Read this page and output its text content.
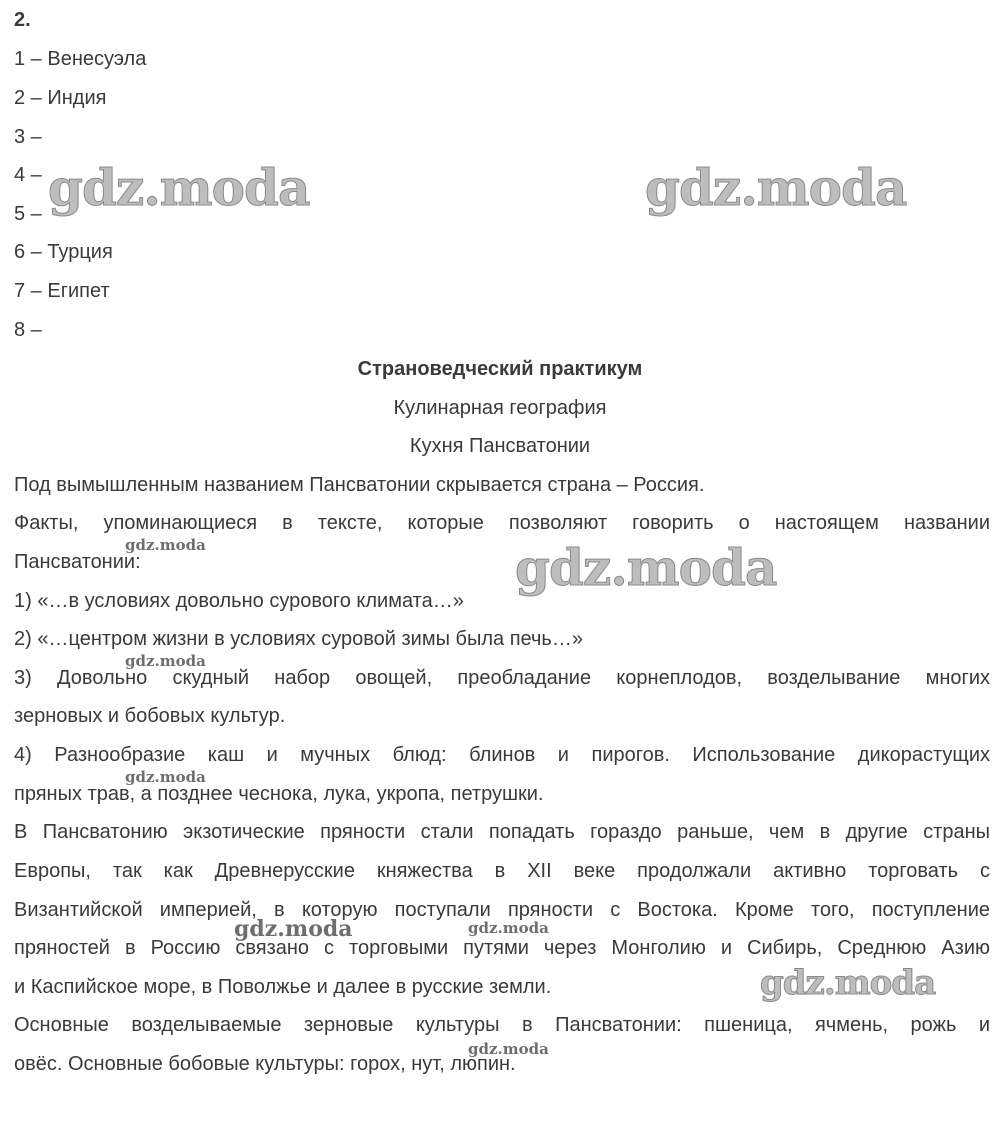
2.
1 – Венесуэла
2 – Индия
3 –
4 –
5 –
6 – Турция
7 – Египет
8 –
Страноведческий практикум
Кулинарная география
Кухня Пансватонии
Под вымышленным названием Пансватонии скрывается страна – Россия.
Факты, упоминающиеся в тексте, которые позволяют говорить о настоящем названии
Пансватонии:
1) «…в условиях довольно сурового климата…»
2) «…центром жизни в условиях суровой зимы была печь…»
3) Довольно скудный набор овощей, преобладание корнеплодов, возделывание многих
зерновых и бобовых культур.
4) Разнообразие каш и мучных блюд: блинов и пирогов. Использование дикорастущих
пряных трав, а позднее чеснока, лука, укропа, петрушки.
В Пансватонию экзотические пряности стали попадать гораздо раньше, чем в другие страны
Европы, так как Древнерусские княжества в XII веке продолжали активно торговать с
Византийской империей, в которую поступали пряности с Востока. Кроме того, поступление
пряностей в Россию связано с торговыми путями через Монголию и Сибирь, Среднюю Азию
и Каспийское море, в Поволжье и далее в русские земли.
Основные возделываемые зерновые культуры в Пансватонии: пшеница, ячмень, рожь и
овёс. Основные бобовые культуры: горох, нут, люпин.
gdz.moda	gdz.moda
gdz.moda
gdz.moda
gdz.moda
gdz.moda
gdz.moda
gdz.moda	gdz.moda
gdz.moda
